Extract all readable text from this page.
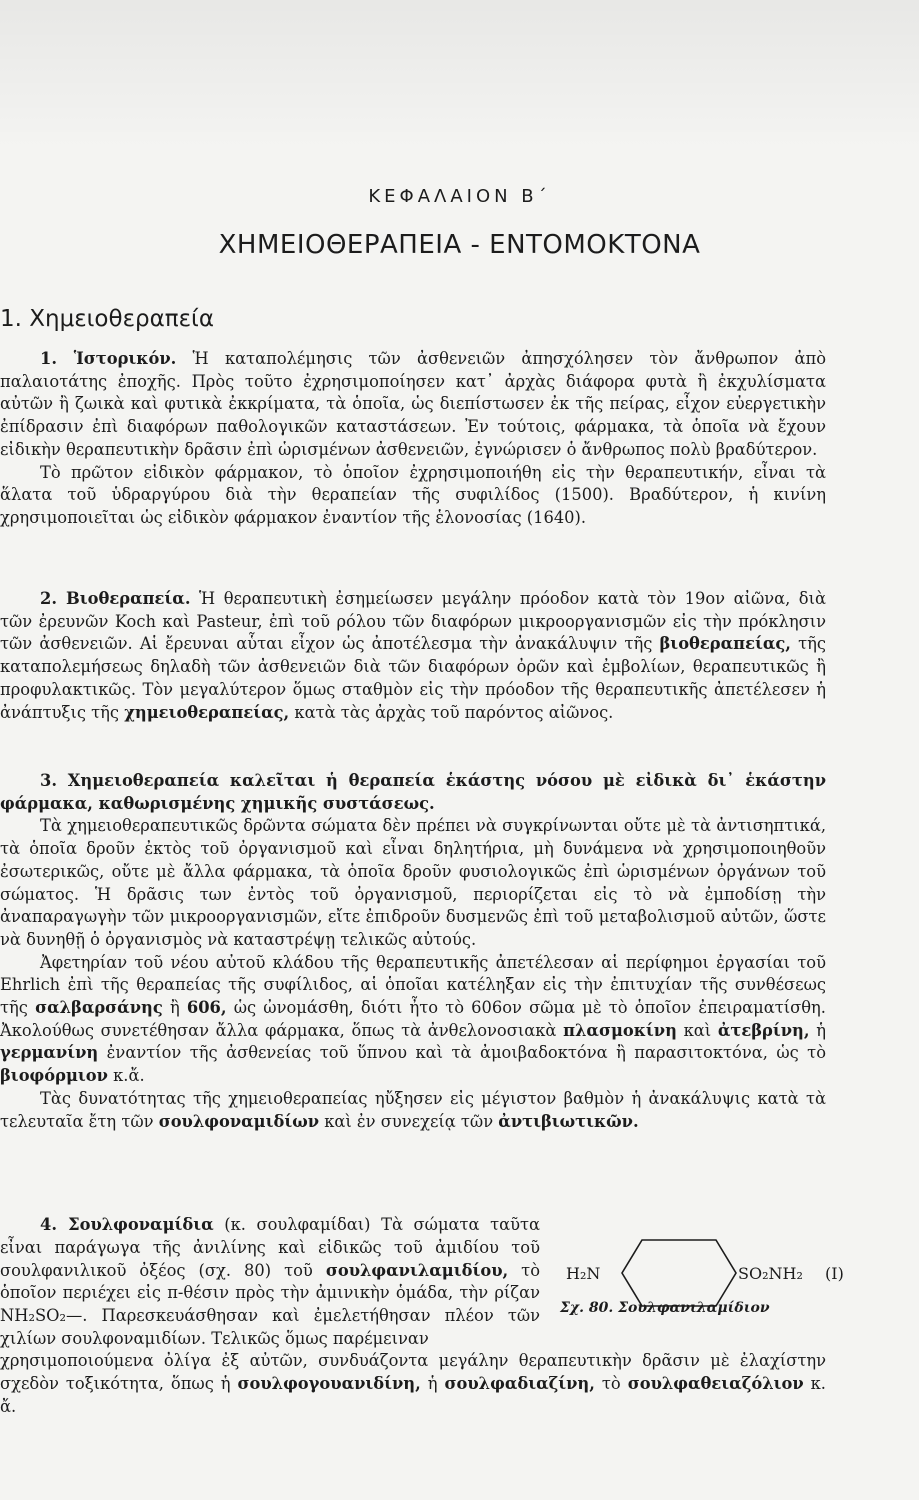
ΚΕΦΑΛΑΙΟΝ Β΄
ΧΗΜΕΙΟΘΕΡΑΠΕΙΑ - ΕΝΤΟΜΟΚΤΟΝΑ
1. Χημειοθεραπεία

1. Ἱστορικόν. Ἡ καταπολέμησις τῶν ἀσθενειῶν ἀπησχόλησεν τὸν ἄνθρωπον ἀπὸ παλαιοτάτης ἐποχῆς. Πρὸς τοῦτο ἐχρησιμοποίησεν κατ᾽ ἀρχὰς διάφορα φυτὰ ἢ ἐκχυλίσματα αὐτῶν ἢ ζωικὰ καὶ φυτικὰ ἐκκρίματα, τὰ ὁποῖα, ὡς διεπίστωσεν ἐκ τῆς πείρας, εἶχον εὐεργετικὴν ἐπίδρασιν ἐπὶ διαφόρων παθολογικῶν καταστάσεων. Ἐν τούτοις, φάρμακα, τὰ ὁποῖα νὰ ἔχουν εἰδικὴν θεραπευτικὴν δρᾶσιν ἐπὶ ὡρισμένων ἀσθενειῶν, ἐγνώρισεν ὁ ἄνθρωπος πολὺ βραδύτερον.

Τὸ πρῶτον εἰδικὸν φάρμακον, τὸ ὁποῖον ἐχρησιμοποιήθη εἰς τὴν θεραπευτικήν, εἶναι τὰ ἅλατα τοῦ ὑδραργύρου διὰ τὴν θεραπείαν τῆς συφιλίδος (1500). Βραδύτερον, ἡ κινίνη χρησιμοποιεῖται ὡς εἰδικὸν φάρμακον ἐναντίον τῆς ἑλονοσίας (1640).

2. Βιοθεραπεία. Ἡ θεραπευτικὴ ἐσημείωσεν μεγάλην πρόοδον κατὰ τὸν 19ον αἰῶνα, διὰ τῶν ἐρευνῶν Koch καὶ Pasteur, ἐπὶ τοῦ ρόλου τῶν διαφόρων μικροοργανισμῶν εἰς τὴν πρόκλησιν τῶν ἀσθενειῶν. Αἱ ἔρευναι αὗται εἶχον ὡς ἀποτέλεσμα τὴν ἀνακάλυψιν τῆς βιοθεραπείας, τῆς καταπολεμήσεως δηλαδὴ τῶν ἀσθενειῶν διὰ τῶν διαφόρων ὀρῶν καὶ ἐμβολίων, θεραπευτικῶς ἢ προφυλακτικῶς. Τὸν μεγαλύτερον ὅμως σταθμὸν εἰς τὴν πρόοδον τῆς θεραπευτικῆς ἀπετέλεσεν ἡ ἀνάπτυξις τῆς χημειοθεραπείας, κατὰ τὰς ἀρχὰς τοῦ παρόντος αἰῶνος.

3. Χημειοθεραπεία καλεῖται ἡ θεραπεία ἑκάστης νόσου μὲ εἰδικὰ δι᾽ ἑκάστην φάρμακα, καθωρισμένης χημικῆς συστάσεως.

Τὰ χημειοθεραπευτικῶς δρῶντα σώματα δὲν πρέπει νὰ συγκρίνωνται οὔτε μὲ τὰ ἀντισηπτικά, τὰ ὁποῖα δροῦν ἐκτὸς τοῦ ὀργανισμοῦ καὶ εἶναι δηλητήρια, μὴ δυνάμενα νὰ χρησιμοποιηθοῦν ἐσωτερικῶς, οὔτε μὲ ἄλλα φάρμακα, τὰ ὁποῖα δροῦν φυσιολογικῶς ἐπὶ ὡρισμένων ὀργάνων τοῦ σώματος. Ἡ δρᾶσις των ἐντὸς τοῦ ὀργανισμοῦ, περιορίζεται εἰς τὸ νὰ ἐμποδίσῃ τὴν ἀναπαραγωγὴν τῶν μικροοργανισμῶν, εἴτε ἐπιδροῦν δυσμενῶς ἐπὶ τοῦ μεταβολισμοῦ αὐτῶν, ὥστε νὰ δυνηθῇ ὁ ὀργανισμὸς νὰ καταστρέψῃ τελικῶς αὐτούς.

Ἀφετηρίαν τοῦ νέου αὐτοῦ κλάδου τῆς θεραπευτικῆς ἀπετέλεσαν αἱ περίφημοι ἐργασίαι τοῦ Ehrlich ἐπὶ τῆς θεραπείας τῆς συφίλιδος, αἱ ὁποῖαι κατέληξαν εἰς τὴν ἐπιτυχίαν τῆς συνθέσεως τῆς σαλβαρσάνης ἢ 606, ὡς ὠνομάσθη, διότι ἦτο τὸ 606ον σῶμα μὲ τὸ ὁποῖον ἐπειραματίσθη. Ἀκολούθως συνετέθησαν ἄλλα φάρμακα, ὅπως τὰ ἀνθελονοσιακὰ πλασμοκίνη καὶ ἀτεβρίνη, ἡ γερμανίνη ἐναντίον τῆς ἀσθενείας τοῦ ὕπνου καὶ τὰ ἀμοιβαδοκτόνα ἢ παρασιτοκτόνα, ὡς τὸ βιοφόρμιον κ.ἄ.

Τὰς δυνατότητας τῆς χημειοθεραπείας ηὔξησεν εἰς μέγιστον βαθμὸν ἡ ἀνακάλυψις κατὰ τὰ τελευταῖα ἔτη τῶν σουλφοναμιδίων καὶ ἐν συνεχείᾳ τῶν ἀντιβιωτικῶν.

4. Σουλφοναμίδια (κ. σουλφαμίδαι) Τὰ σώματα ταῦτα εἶναι παράγωγα τῆς ἀνιλίνης καὶ εἰδικῶς τοῦ ἀμιδίου τοῦ σουλφανιλικοῦ ὀξέος (σχ. 80) τοῦ σουλφανιλαμιδίου, τὸ ὁποῖον περιέχει εἰς π-θέσιν πρὸς τὴν ἀμινικὴν ὁμάδα, τὴν ρίζαν NH₂SO₂—. Παρεσκευάσθησαν καὶ ἐμελετήθησαν πλέον τῶν χιλίων σουλφοναμιδίων. Τελικῶς ὅμως παρέμειναν

χρησιμοποιούμενα ὀλίγα ἐξ αὐτῶν, συνδυάζοντα μεγάλην θεραπευτικὴν δρᾶσιν μὲ ἐλαχίστην σχεδὸν τοξικότητα, ὅπως ἡ σουλφογουανιδίνη, ἡ σουλφαδιαζίνη, τὸ σουλφαθειαζόλιον κ. ἄ.

H₂N	SO₂NH₂ (I)
Σχ. 80. Σουλφανιλαμίδιον
